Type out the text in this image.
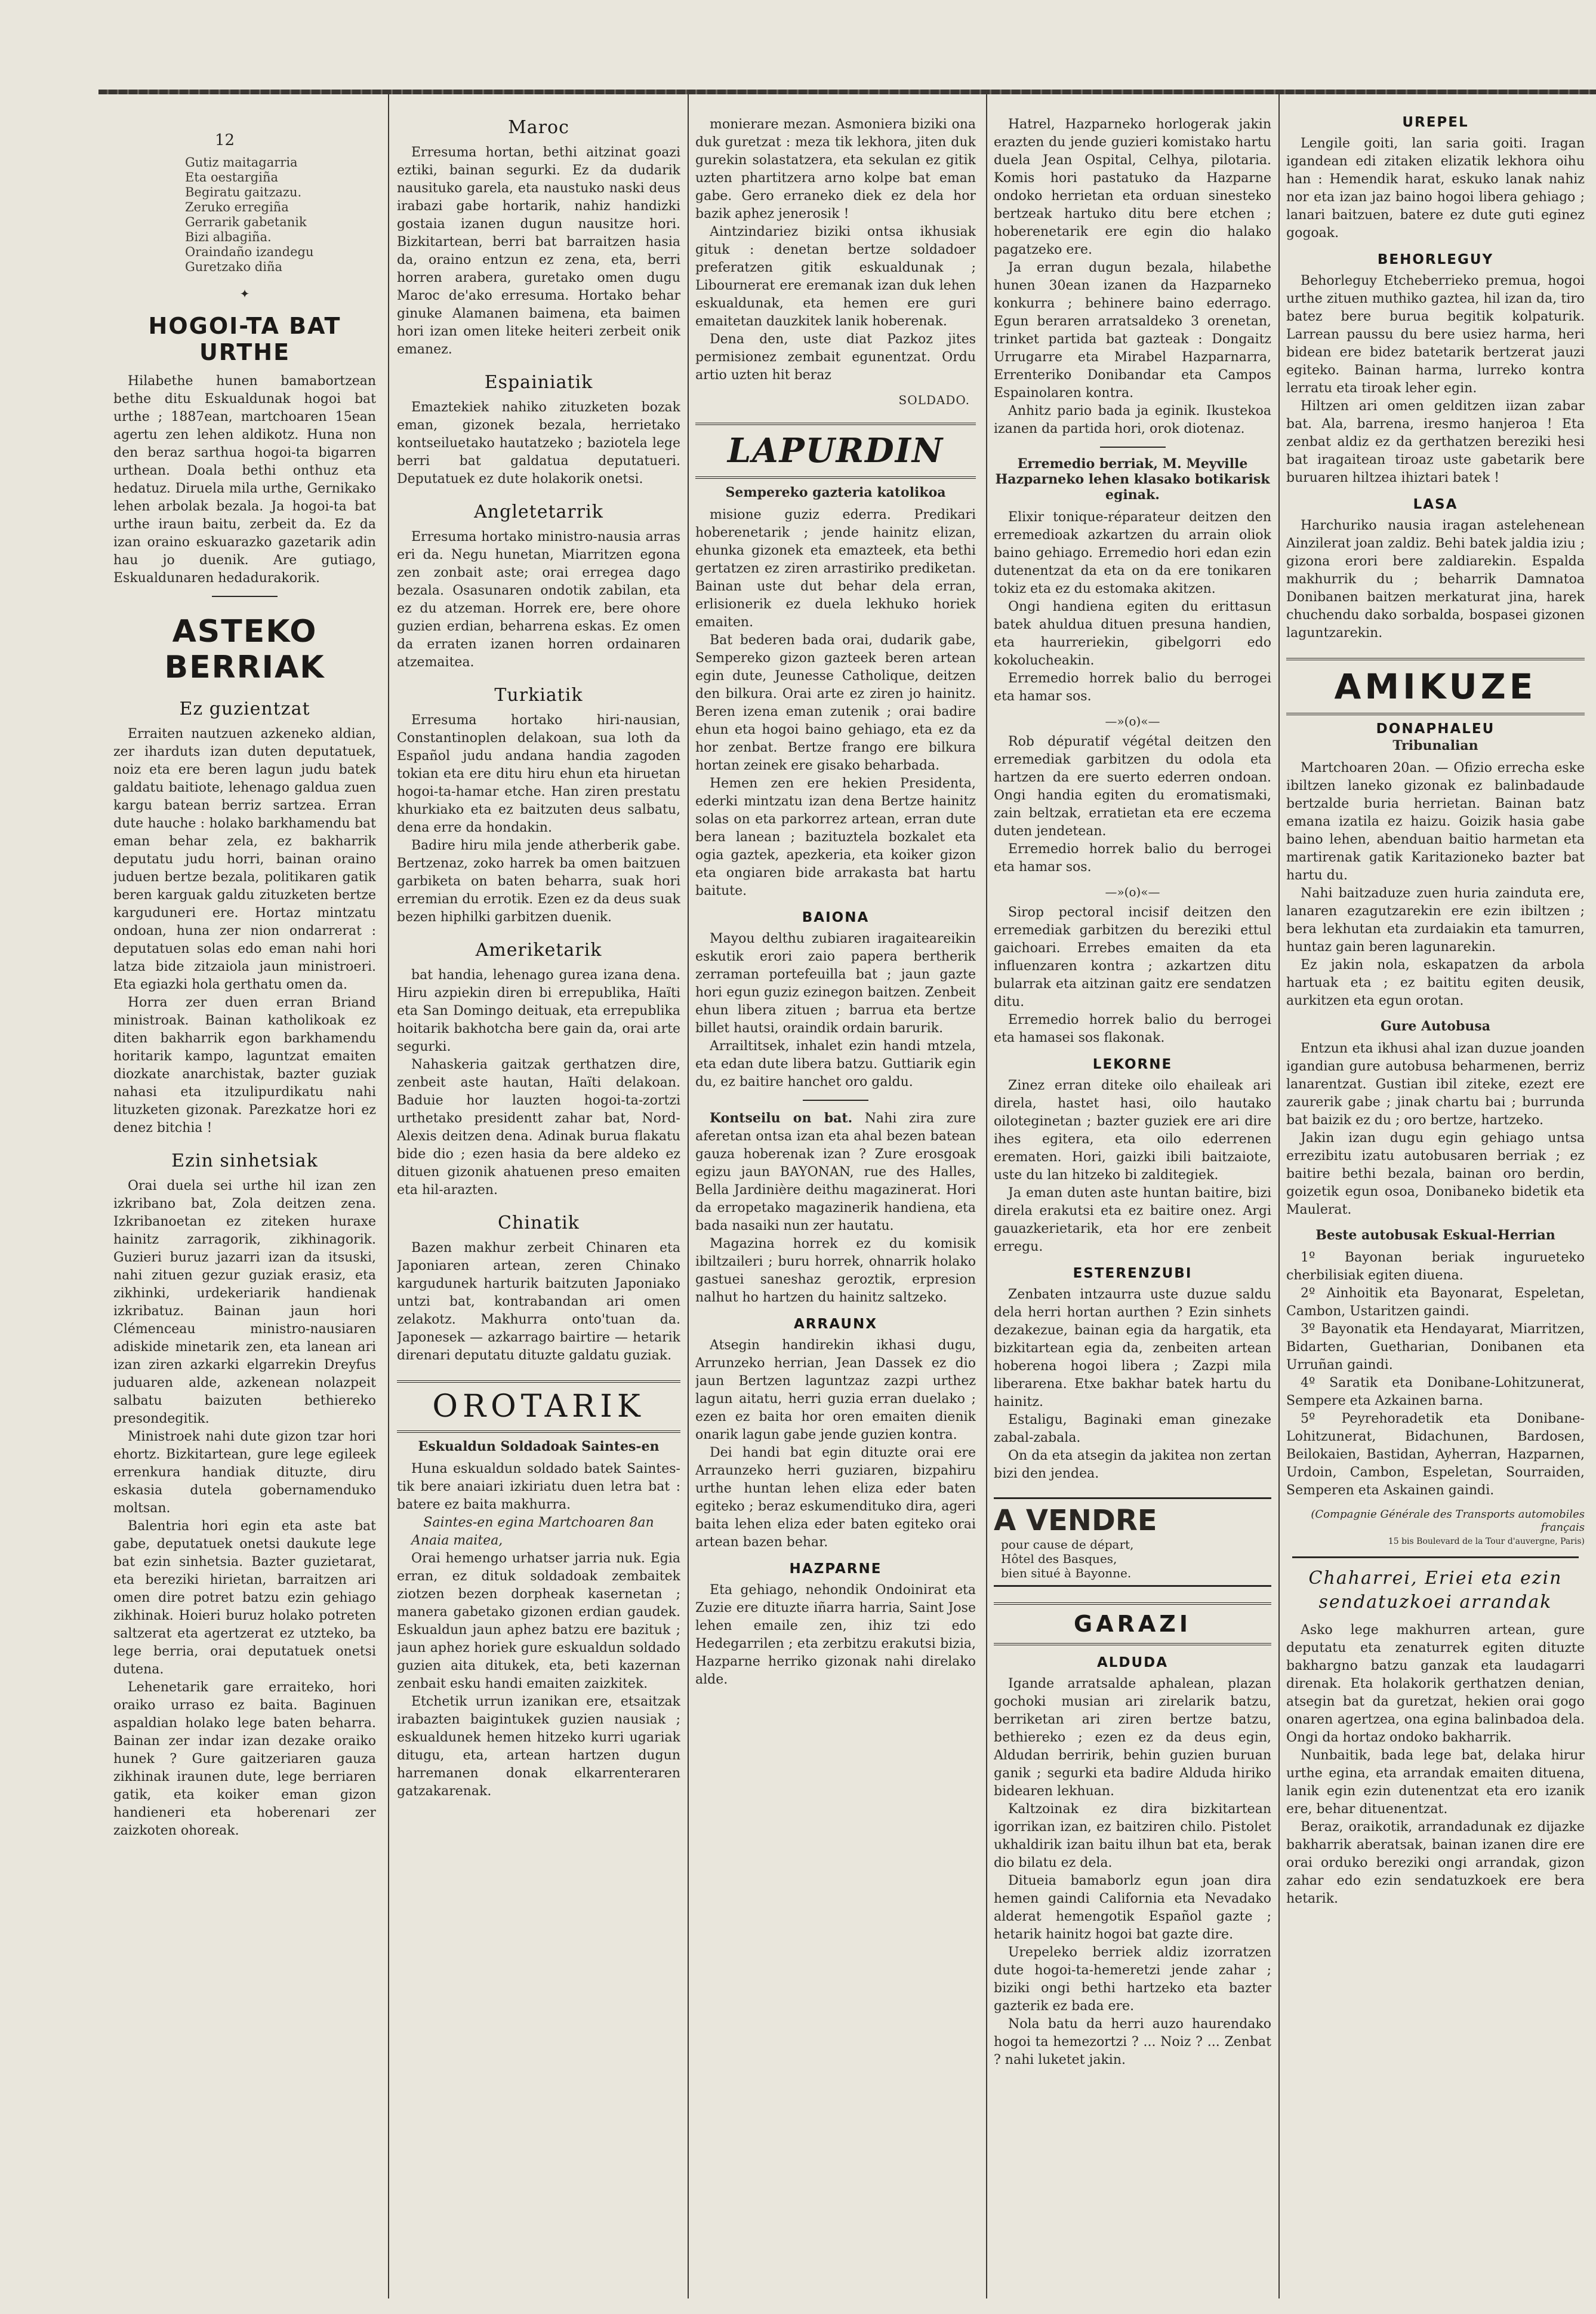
12
Gutiz maitagarria
Eta oestargiña
Begiratu gaitzazu.
Zeruko erregiña
Gerrarik gabetanik
Bizi albagiña.
Oraindaño izandegu
Guretzako diña
✦
HOGOI-TA BAT URTHE

Hilabethe hunen bamabortzean bethe ditu Eskualdunak hogoi bat urthe ; 1887ean, martchoaren 15ean agertu zen lehen aldikotz. Huna non den beraz sarthua hogoi-ta bigarren urthean. Doala bethi onthuz eta hedatuz. Diruela mila urthe, Gernikako lehen arbolak bezala. Ja hogoi-ta bat urthe iraun baitu, zerbeit da. Ez da izan oraino eskuarazko gazetarik adin hau jo duenik. Are gutiago, Eskualdunaren hedadurakorik.

ASTEKO BERRIAK
Ez guzientzat

Erraiten nautzuen azkeneko aldian, zer iharduts izan duten deputatuek, noiz eta ere beren lagun judu batek galdatu baitiote, lehenago galdua zuen kargu batean berriz sartzea. Erran dute hauche : holako barkhamendu bat eman behar zela, ez bakharrik deputatu judu horri, bainan oraino juduen bertze bezala, politikaren gatik beren karguak galdu zituzketen bertze karguduneri ere. Hortaz mintzatu ondoan, huna zer nion ondarrerat : deputatuen solas edo eman nahi hori latza bide zitzaiola jaun ministroeri. Eta egiazki hola gerthatu omen da.

Horra zer duen erran Briand ministroak. Bainan katholikoak ez diten bakharrik egon barkhamendu horitarik kampo, laguntzat emaiten diozkate anarchistak, bazter guziak nahasi eta itzulipurdikatu nahi lituzketen gizonak. Parezkatze hori ez denez bitchia !

Ezin sinhetsiak

Orai duela sei urthe hil izan zen izkribano bat, Zola deitzen zena. Izkribanoetan ez ziteken huraxe hainitz zarragorik, zikhinagorik. Guzieri buruz jazarri izan da itsuski, nahi zituen gezur guziak erasiz, eta zikhinki, urdekeriarik handienak izkribatuz. Bainan jaun hori Clémenceau ministro-nausiaren adiskide minetarik zen, eta lanean ari izan ziren azkarki elgarrekin Dreyfus juduaren alde, azkenean nolazpeit salbatu baizuten bethiereko presondegitik.

Ministroek nahi dute gizon tzar hori ehortz. Bizkitartean, gure lege egileek errenkura handiak dituzte, diru eskasia dutela gobernamenduko moltsan.

Balentria hori egin eta aste bat gabe, deputatuek onetsi daukute lege bat ezin sinhetsia. Bazter guzietarat, eta bereziki hirietan, barraitzen ari omen dire potret batzu ezin gehiago zikhinak. Hoieri buruz holako potreten saltzerat eta agertzerat ez utzteko, ba lege berria, orai deputatuek onetsi dutena.

Lehenetarik gare erraiteko, hori oraiko urraso ez baita. Baginuen aspaldian holako lege baten beharra. Bainan zer indar izan dezake oraiko hunek ? Gure gaitzeriaren gauza zikhinak iraunen dute, lege berriaren gatik, eta koiker eman gizon handieneri eta hoberenari zer zaizkoten ohoreak.

Maroc

Erresuma hortan, bethi aitzinat goazi eztiki, bainan segurki. Ez da dudarik nausituko garela, eta naustuko naski deus irabazi gabe hortarik, nahiz handizki gostaia izanen dugun nausitze hori. Bizkitartean, berri bat barraitzen hasia da, oraino entzun ez zena, eta, berri horren arabera, guretako omen dugu Maroc de'ako erresuma. Hortako behar ginuke Alamanen baimena, eta baimen hori izan omen liteke heiteri zerbeit onik emanez.

Espainiatik

Emaztekiek nahiko zituzketen bozak eman, gizonek bezala, herrietako kontseiluetako hautatzeko ; baziotela lege berri bat galdatua deputatueri. Deputatuek ez dute holakorik onetsi.

Angletetarrik

Erresuma hortako ministro-nausia arras eri da. Negu hunetan, Miarritzen egona zen zonbait aste; orai erregea dago bezala. Osasunaren ondotik zabilan, eta ez du atzeman. Horrek ere, bere ohore guzien erdian, beharrena eskas. Ez omen da erraten izanen horren ordainaren atzemaiteа.

Turkiatik

Erresuma hortako hiri-nausian, Constantinoplen delakoan, sua loth da Español judu andana handia zagoden tokian eta ere ditu hiru ehun eta hiruetan hogoi-ta-hamar etche. Han ziren prestatu khurkiako eta ez baitzuten deus salbatu, dena erre da hondakin.

Badire hiru mila jende atherberik gabe. Bertzenaz, zoko harrek ba omen baitzuen garbiketa on baten beharra, suak hori erremian du errotik. Ezen ez da deus suak bezen hiphilki garbitzen duenik.

Ameriketarik

bat handia, lehenago gurea izana dena. Hiru azpiekin diren bi errepublika, Haïti eta San Domingo deituak, eta errepublika hoitarik bakhotcha bere gain da, orai arte segurki.

Nahaskeria gaitzak gerthatzen dire, zenbeit aste hautan, Haïti delakoan. Baduie hor lauzten hogoi-ta-zortzi urthetako presidentt zahar bat, Nord-Alexis deitzen dena. Adinak burua flakatu bide dio ; ezen hasia da bere aldeko ez dituen gizonik ahatuenen preso emaiten eta hil-arazten.

Chinatik

Bazen makhur zerbeit Chinaren eta Japoniaren artean, zeren Chinako kargudunek harturik baitzuten Japoniako untzi bat, kontrabandan ari omen zelakotz. Makhurra onto'tuan da. Japonesek — azkarrago bairtire — hetarik direnari deputatu dituzte galdatu guziak.

OROTARIK
Eskualdun Soldadoak Saintes-en

Huna eskualdun soldado batek Saintes-tik bere anaiari izkiriatu duen letra bat : batere ez baita makhurra.

Saintes-en egina Martchoaren 8an

Anaia maitea,

Orai hemengo urhatser jarria nuk. Egia erran, ez dituk soldadoak zembaitek ziotzen bezen dorpheak kasernetan ; manera gabetako gizonen erdian gaudek. Eskualdun jaun aphez batzu ere bazituk ; jaun aphez horiek gure eskualdun soldado guzien aita ditukek, eta, beti kazernan zenbait esku handi emaiten zaizkitek.

Etchetik urrun izanikan ere, etsaitzak irabazten baigintukek guzien nausiak ; eskualdunek hemen hitzeko kurri ugariak ditugu, eta, artean hartzen dugun harremanen donak elkarrenteraren gatzakarenak.

monierare mezan. Asmoniera biziki ona duk guretzat : meza tik lekhora, jiten duk gurekin solastatzera, eta sekulan ez gitik uzten phartitzera arno kolpe bat eman gabe. Gero erraneko diek ez dela hor bazik aphez jenerosik !

Aintzindariez biziki ontsa ikhusiak gituk : denetan bertze soldadoer preferatzen gitik eskualdunak ; Libournerat ere eremanak izan duk lehen eskualdunak, eta hemen ere guri emaitetan dauzkitek lanik hoberenak.

Dena den, uste diat Pazkoz jites permisionez zembait egunentzat. Ordu artio uzten hit beraz

SOLDADO.
LAPURDIN
Sempereko gazteria katolikoa

misione guziz ederra. Predikari hoberenetarik ; jende hainitz elizan, ehunka gizonek eta emazteek, eta bethi gertatzen ez ziren arrastiriko prediketan. Bainan uste dut behar dela erran, erlisionerik ez duela lekhuko horiek emaiten.

Bat bederen bada orai, dudarik gabe, Sempereko gizon gazteek beren artean egin dute, Jeunesse Catholique, deitzen den bilkura. Orai arte ez ziren jo hainitz. Beren izena eman zutenik ; orai badire ehun eta hogoi baino gehiago, eta ez da hor zenbat. Bertze frango ere bilkura hortan zeinek ere gisako beharbada.

Hemen zen ere hekien Presidenta, ederki mintzatu izan dena Bertze hainitz solas on eta parkorrez artean, erran dute bera lanean ; bazituztela bozkalet eta ogia gaztek, apezkeria, eta koiker gizon eta ongiaren bide arrakasta bat hartu baitute.

BAIONA

Mayou delthu zubiaren iragaiteareikin eskutik erori zaio papera bertherik zerraman portefeuilla bat ; jaun gazte hori egun guziz ezinegon baitzen. Zenbeit ehun libera zituen ; barrua eta bertze billet hautsi, oraindik ordain barurik.

Arrailtitsek, inhalet ezin handi mtzela, eta edan dute libera batzu. Guttiarik egin du, ez baitire hanchet oro galdu.

Kontseilu on bat. Nahi zira zure aferetan ontsa izan eta ahal bezen batean gauza hoberenak izan ? Zure erosgoak egizu jaun BAYONAN, rue des Halles, Bella Jardinière deithu magazinerat. Hori da erropetako magazinerik handiena, eta bada nasaiki nun zer hautatu.

Magazina horrek ez du komisik ibiltzaileri ; buru horrek, ohnarrik holako gastuei saneshaz geroztik, erpresion nalhut ho hartzen du hainitz saltzeko.

ARRAUNX

Atsegin handirekin ikhasi dugu, Arrunzeko herrian, Jean Dassek ez dio jaun Bertzen laguntzaz zazpi urthez lagun aitatu, herri guzia erran duelako ; ezen ez baita hor oren emaiten dienik onarik lagun gabe jende guzien kontra.

Dei handi bat egin dituzte orai ere Arraunzeko herri guziaren, bizpahiru urthe huntan lehen eliza eder baten egiteko ; beraz eskumendituko dira, ageri baita lehen eliza eder baten egiteko orai artean bazen behar.

HAZPARNE

Eta gehiago, nehondik Ondoinirat eta Zuzie ere dituzte iñarra harria, Saint Jose lehen emaile zen, ihiz tzi edo Hedegarrilen ; eta zerbitzu erakutsi bizia, Hazparne herriko gizonak nahi direlako alde.

Hatrel, Hazparneko horlogerak jakin erazten du jende guzieri komistako hartu duela Jean Ospital, Celhya, pilotaria. Komis hori pastatuko da Hazparne ondoko herrietan eta orduan sinesteko bertzeak hartuko ditu bere etchen ; hoberenetarik ere egin dio halako pagatzeko ere.

Ja erran dugun bezala, hilabethe hunen 30ean izanen da Hazparneko konkurra ; behinere baino ederrago. Egun beraren arratsaldeko 3 orenetan, trinket partida bat gazteak : Dongaitz Urrugarre eta Mirabel Hazparnarra, Errenteriko Donibandar eta Campos Espainolaren kontra.

Anhitz pario bada ja eginik. Ikustekoa izanen da partida hori, orok diotenaz.

Erremedio berriak, M. Meyville Hazparneko lehen klasako botikarisk eginak.

Elixir tonique-réparateur deitzen den erremedioak azkartzen du arrain oliok baino gehiago. Erremedio hori edan ezin dutenentzat da eta on da ere tonikaren tokiz eta ez du estomaka akitzen.

Ongi handiena egiten du erittasun batek ahuldua dituen presuna handien, eta haurreriekin, gibelgorri edo kokolucheakin.

Erremedio horrek balio du berrogei eta hamar sos.

—»(o)«—

Rob dépuratif végétal deitzen den erremediak garbitzen du odola eta hartzen da ere suerto ederren ondoan. Ongi handia egiten du eromatismaki, zain beltzak, erratietan eta ere eczema duten jendetean.

Erremedio horrek balio du berrogei eta hamar sos.

—»(o)«—

Sirop pectoral incisif deitzen den erremediak garbitzen du bereziki ettul gaichoari. Errebes emaiten da eta influenzaren kontra ; azkartzen ditu bularrak eta aitzinan gaitz ere sendatzen ditu.

Erremedio horrek balio du berrogei eta hamasei sos flakonak.

LEKORNE

Zinez erran diteke oilo ehaileak ari direla, hastet hasi, oilo hautako oiloteginetan ; bazter guziek ere ari dire ihes egitera, eta oilo ederrenen erematen. Hori, gaizki ibili baitzaiote, uste du lan hitzeko bi zalditegiek.

Ja eman duten aste huntan baitire, bizi direla erakutsi eta ez baitire onez. Argi gauazkerietarik, eta hor ere zenbeit erregu.

ESTERENZUBI

Zenbaten intzaurra uste duzue saldu dela herri hortan aurthen ? Ezin sinhets dezakezue, bainan egia da hargatik, eta bizkitartean egia da, zenbeiten artean hoberena hogoi libera ; Zazpi mila liberarena. Etxe bakhar batek hartu du hainitz.

Estaligu, Baginaki eman ginezake zabal-zabala.

On da eta atsegin da jakitea non zertan bizi den jendea.

A VENDRE pour cause de départ, Hôtel des Basques, bien situé à Bayonne.
GARAZI
ALDUDA

Igande arratsalde aphalean, plazan gochoki musian ari zirelarik batzu, berriketan ari ziren bertze batzu, bethiereko ; ezen ez da deus egin, Aldudan berririk, behin guzien buruan ganik ; segurki eta badire Alduda hiriko bidearen lekhuan.

Kaltzoinak ez dira bizkitartean igorrikan izan, ez baitziren chilo. Pistolet ukhaldirik izan baitu ilhun bat eta, berak dio bilatu ez dela.

Ditueia bamaborlz egun joan dira hemen gaindi California eta Nevadako alderat hemengotik Español gazte ; hetarik hainitz hogoi bat gazte dire.

Urepeleko berriek aldiz izorratzen dute hogoi-ta-hemeretzi jende zahar ; biziki ongi bethi hartzeko eta bazter gazterik ez bada ere.

Nola batu da herri auzo haurendako hogoi ta hemezortzi ? ... Noiz ? ... Zenbat ? nahi luketet jakin.

UREPEL

Lengile goiti, lan saria goiti. Iragan igandean edi zitaken elizatik lekhora oihu han : Hemendik harat, eskuko lanak nahiz nor eta izan jaz baino hogoi libera gehiago ; lanari baitzuen, batere ez dute guti eginez gogoak.

BEHORLEGUY

Behorleguy Etcheberrieko premua, hogoi urthe zituen muthiko gaztea, hil izan da, tiro batez bere burua begitik kolpaturik. Larrean paussu du bere usiez harma, heri bidean ere bidez batetarik bertzerat jauzi egiteko. Bainan harma, lurreko kontra lerratu eta tiroak leher egin.

Hiltzen ari omen gelditzen iizan zabar bat. Ala, barrena, iresmo hanjeroa ! Eta zenbat aldiz ez da gerthatzen bereziki hesi bat iragaitean tiroaz uste gabetarik bere buruaren hiltzea ihiztari batek !

LASA

Harchuriko nausia iragan astelehenean Ainzilerat joan zaldiz. Behi batek jaldia iziu ; gizona erori bere zaldiarekin. Espalda makhurrik du ; beharrik Damnatoa Donibanen baitzen merkaturat jina, harek chuchendu dako sorbalda, bospasei gizonen laguntzarekin.

AMIKUZE
DONAPHALEU
Tribunalian

Martchoaren 20an. — Ofizio errecha eske ibiltzen laneko gizonak ez balinbadaude bertzalde buria herrietan. Bainan batz emana izatila ez haizu. Goizik hasia gabe baino lehen, abenduan baitio harmetan eta martirenak gatik Karitazioneko bazter bat hartu du.

Nahi baitzaduze zuen huria zainduta ere, lanaren ezagutzarekin ere ezin ibiltzen ; bera lekhutan eta zurdaiakin eta tamurren, huntaz gain beren lagunarekin.

Ez jakin nola, eskapatzen da arbola hartuak eta ; ez baititu egiten deusik, aurkitzen eta egun orotan.

Gure Autobusa

Entzun eta ikhusi ahal izan duzue joanden igandian gure autobusa beharmenen, berriz lanarentzat. Gustian ibil ziteke, ezezt ere zaurerik gabe ; jinak chartu bai ; burrunda bat baizik ez du ; oro bertze, hartzeko.

Jakin izan dugu egin gehiago untsa errezibitu izatu autobusaren berriak ; ez baitire bethi bezala, bainan oro berdin, goizetik egun osoa, Donibaneko bidetik eta Maulerat.

Beste autobusak Eskual-Herrian

1º Bayonan beriak ingurueteko cherbilisiak egiten diuena.

2º Ainhoitik eta Bayonarat, Espeletan, Cambon, Ustaritzen gaindi.

3º Bayonatik eta Hendayarat, Miarritzen, Bidarten, Guetharian, Donibanen eta Urruñan gaindi.

4º Saratik eta Donibane-Lohitzunerat, Sempere eta Azkainen barna.

5º Peyrehoradetik eta Donibane-Lohitzunerat, Bidachunen, Bardosen, Beilokaien, Bastidan, Ayherran, Hazparnen, Urdoin, Cambon, Espeletan, Sourraiden, Semperen eta Askainen gaindi.

(Compagnie Générale des Transports automobiles français
15 bis Boulevard de la Tour d'auvergne, Paris)
Chaharrei, Eriei eta ezin sendatuzkoei arrandak

Asko lege makhurren artean, gure deputatu eta zenaturrek egiten dituzte bakhargno batzu ganzak eta laudagarri direnak. Eta holakorik gerthatzen denian, atsegin bat da guretzat, hekien orai gogo onaren agertzea, ona egina balinbadoa dela. Ongi da hortaz ondoko bakharrik.

Nunbaitik, bada lege bat, delaka hirur urthe egina, eta arrandak emaiten dituena, lanik egin ezin dutenentzat eta ero izanik ere, behar dituenentzat.

Beraz, oraikotik, arrandadunak ez dijazke bakharrik aberatsak, bainan izanen dire ere orai orduko bereziki ongi arrandak, gizon zahar edo ezin sendatuzkoek ere bera hetarik.
